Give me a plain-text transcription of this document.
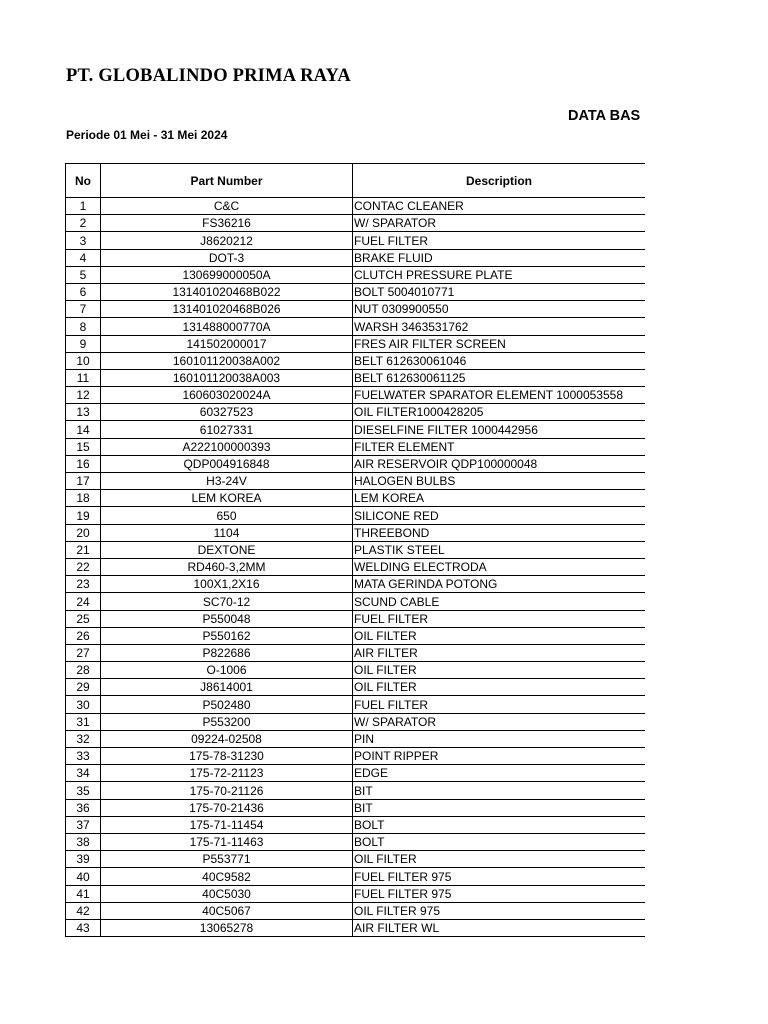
PT. GLOBALINDO PRIMA RAYA
DATA BAS

Periode 01 Mei - 31 Mei 2024

No	Part Number	Description
1	C&C	CONTAC CLEANER
2	FS36216	W/ SPARATOR
3	J8620212	FUEL FILTER
4	DOT-3	BRAKE FLUID
5	130699000050A	CLUTCH PRESSURE PLATE
6	131401020468B022	BOLT 5004010771
7	131401020468B026	NUT 0309900550
8	131488000770A	WARSH 3463531762
9	141502000017	FRES AIR FILTER SCREEN
10	160101120038A002	BELT 612630061046
11	160101120038A003	BELT 612630061125
12	160603020024A	FUELWATER SPARATOR ELEMENT 1000053558
13	60327523	OIL FILTER1000428205
14	61027331	DIESELFINE FILTER 1000442956
15	A222100000393	FILTER ELEMENT
16	QDP004916848	AIR RESERVOIR QDP100000048
17	H3-24V	HALOGEN BULBS
18	LEM KOREA	LEM KOREA
19	650	SILICONE RED
20	1104	THREEBOND
21	DEXTONE	PLASTIK STEEL
22	RD460-3,2MM	WELDING ELECTRODA
23	100X1,2X16	MATA GERINDA POTONG
24	SC70-12	SCUND CABLE
25	P550048	FUEL FILTER
26	P550162	OIL FILTER
27	P822686	AIR FILTER
28	O-1006	OIL FILTER
29	J8614001	OIL FILTER
30	P502480	FUEL FILTER
31	P553200	W/ SPARATOR
32	09224-02508	PIN
33	175-78-31230	POINT RIPPER
34	175-72-21123	EDGE
35	175-70-21126	BIT
36	175-70-21436	BIT
37	175-71-11454	BOLT
38	175-71-11463	BOLT
39	P553771	OIL FILTER
40	40C9582	FUEL FILTER 975
41	40C5030	FUEL FILTER 975
42	40C5067	OIL FILTER 975
43	13065278	AIR FILTER WL
